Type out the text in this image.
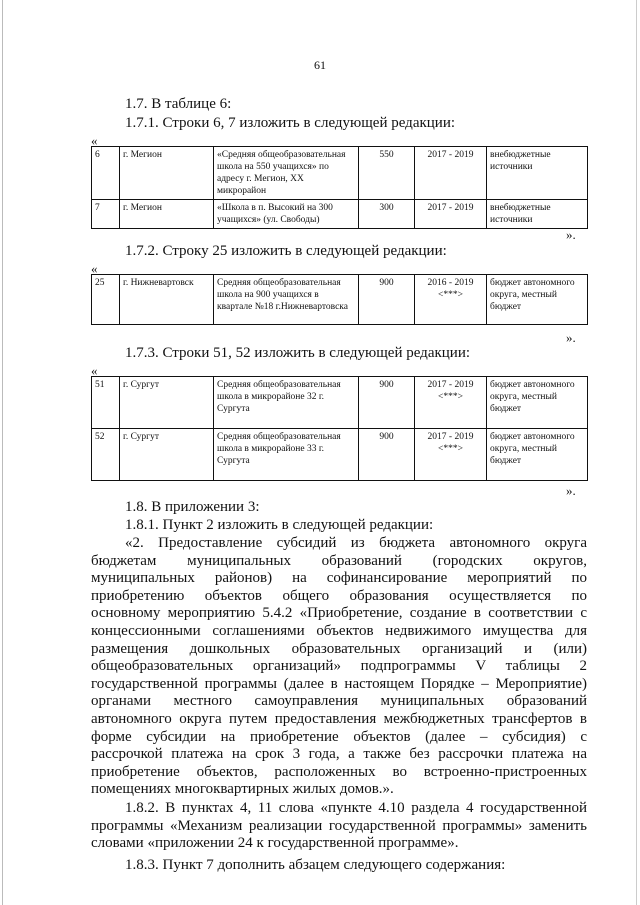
61
1.7. В таблице 6:
1.7.1. Строки 6, 7 изложить в следующей редакции:
«
6	г. Мегион	«Средняя общеобразовательная школа на 550 учащихся» по адресу г. Мегион, XX микрорайон	550	2017 - 2019	внебюджетные источники
7	г. Мегион	«Школа в п. Высокий на 300 учащихся» (ул. Свободы)	300	2017 - 2019	внебюджетные источники
».
1.7.2. Строку 25 изложить в следующей редакции:
«
25	г. Нижневартовск	Средняя общеобразовательная школа на 900 учащихся в квартале №18 г.Нижневартовска	900	2016 - 2019 <***>	бюджет автономного округа, местный бюджет
».
1.7.3. Строки 51, 52 изложить в следующей редакции:
«
51	г. Сургут	Средняя общеобразовательная школа в микрорайоне 32 г. Сургута	900	2017 - 2019 <***>	бюджет автономного округа, местный бюджет
52	г. Сургут	Средняя общеобразовательная школа в микрорайоне 33 г. Сургута	900	2017 - 2019 <***>	бюджет автономного округа, местный бюджет
».
1.8. В приложении 3:
1.8.1. Пункт 2 изложить в следующей редакции:
«2. Предоставление субсидий из бюджета автономного округа
бюджетам муниципальных образований (городских округов,
муниципальных районов) на софинансирование мероприятий по
приобретению объектов общего образования осуществляется по
основному мероприятию 5.4.2 «Приобретение, создание в соответствии с
концессионными соглашениями объектов недвижимого имущества для
размещения дошкольных образовательных организаций и (или)
общеобразовательных организаций» подпрограммы V таблицы 2
государственной программы (далее в настоящем Порядке – Мероприятие)
органами местного самоуправления муниципальных образований
автономного округа путем предоставления межбюджетных трансфертов в
форме субсидии на приобретение объектов (далее – субсидия) с
рассрочкой платежа на срок 3 года, а также без рассрочки платежа на
приобретение объектов, расположенных во встроенно-пристроенных
помещениях многоквартирных жилых домов.».
1.8.2. В пунктах 4, 11 слова «пункте 4.10 раздела 4 государственной
программы «Механизм реализации государственной программы» заменить
словами «приложении 24 к государственной программе».
1.8.3. Пункт 7 дополнить абзацем следующего содержания:
